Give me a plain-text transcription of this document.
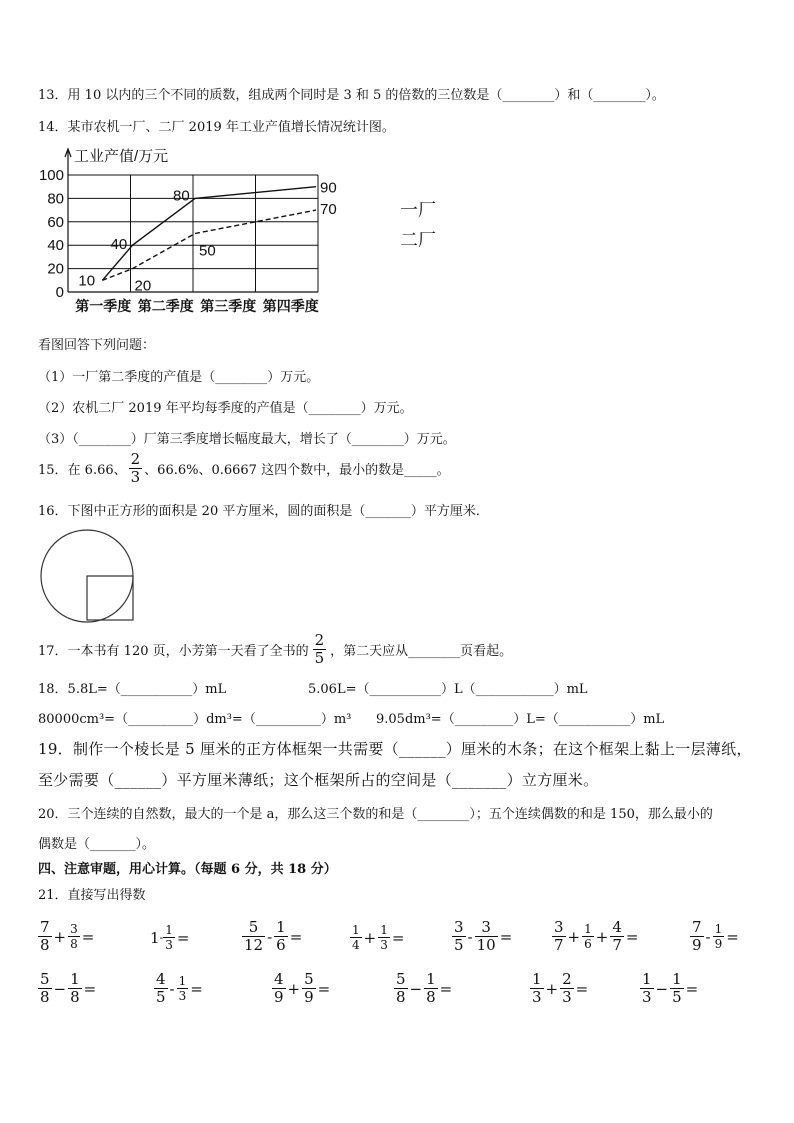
13．用 10 以内的三个不同的质数，组成两个同时是 3 和 5 的倍数的三位数是（________）和（________）。
14．某市农机一厂、二厂 2019 年工业产值增长情况统计图。
工业产值/万元
0
20
40
60
80
100
第一季度 第二季度 第三季度 第四季度
一厂
二厂
10
40
80	90
20
50
70
看图回答下列问题：
（1）一厂第二季度的产值是（________）万元。
（2）农机二厂 2019 年平均每季度的产值是（________）万元。
（3）（________）厂第三季度增长幅度最大，增长了（________）万元。
15．在 6.66、 $\frac{2}{3}$ 、66.6%、0.6667 这四个数中，最小的数是_____。
16．下图中正方形的面积是 20 平方厘米，圆的面积是（_______）平方厘米．
17．一本书有 120 页，小芳第一天看了全书的 $\frac{2}{5}$ ，第二天应从________页看起。
18．5.8L=（___________）mL	5.06L=（___________）L（____________）mL
80000cm³=（__________）dm³=（__________）m³ 9.05dm³=（_________）L=（___________）mL
19．制作一个棱长是 5 厘米的正方体框架一共需要（______）厘米的木条；在这个框架上黏上一层薄纸，
至少需要（______）平方厘米薄纸；这个框架所占的空间是（_______）立方厘米。
20．三个连续的自然数，最大的一个是 a，那么这三个数的和是（________）；五个连续偶数的和是 150，那么最小的
偶数是（_______）。
四、注意审题，用心计算。（每题 6 分，共 18 分）
21．直接写出得数
$\frac{7}{8} + \frac{3}{8}$ =	$1 - \frac{1}{3}$ =	$\frac{5}{12} - \frac{1}{6}$ =	$\frac{1}{4} + \frac{1}{3}$ =	$\frac{3}{5} - \frac{3}{10}$ =	$\frac{3}{7} + \frac{1}{6} + \frac{4}{7}$ =	$\frac{7}{9} - \frac{1}{9}$ =
$\frac{5}{8} - \frac{1}{8}$ =	$\frac{4}{5} - \frac{1}{3}$ =	$\frac{4}{9} + \frac{5}{9}$ =	$\frac{5}{8} - \frac{1}{8}$ =	$\frac{1}{3} + \frac{2}{3}$ =	$\frac{1}{3} - \frac{1}{5}$ =
